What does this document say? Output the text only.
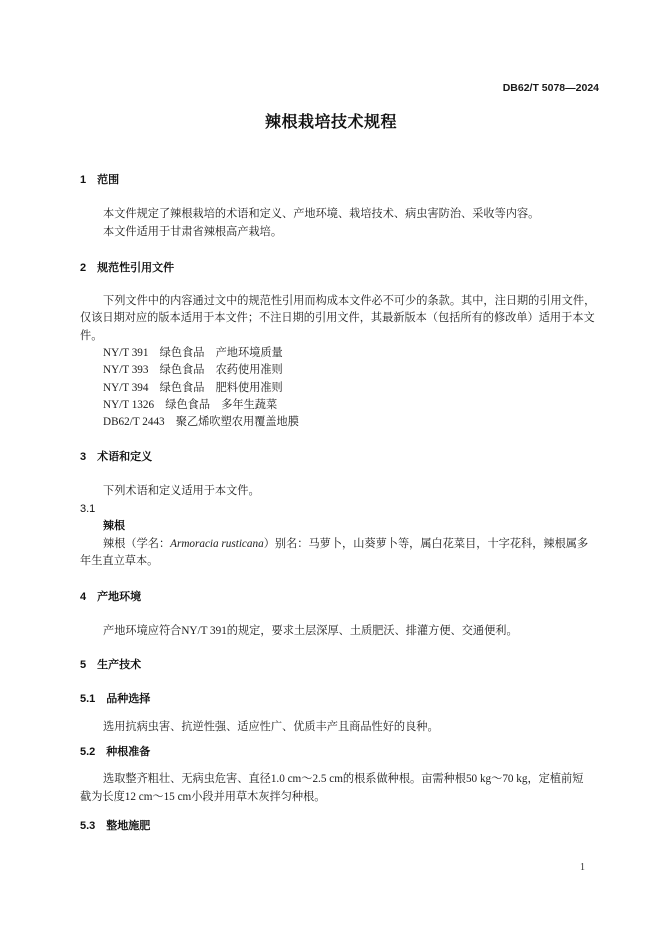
DB62/T 5078—2024
辣根栽培技术规程
1 范围
本文件规定了辣根栽培的术语和定义、产地环境、栽培技术、病虫害防治、采收等内容。
本文件适用于甘肃省辣根高产栽培。
2 规范性引用文件
下列文件中的内容通过文中的规范性引用而构成本文件必不可少的条款。其中，注日期的引用文件，
仅该日期对应的版本适用于本文件；不注日期的引用文件，其最新版本（包括所有的修改单）适用于本文
件。
NY/T 391 绿色食品　产地环境质量
NY/T 393 绿色食品　农药使用准则
NY/T 394 绿色食品　肥料使用准则
NY/T 1326 绿色食品　多年生蔬菜
DB62/T 2443 聚乙烯吹塑农用覆盖地膜
3 术语和定义
下列术语和定义适用于本文件。
3.1
辣根
辣根（学名：Armoracia rusticana）别名：马萝卜，山葵萝卜等，属白花菜目，十字花科，辣根属多
年生直立草本。
4 产地环境
产地环境应符合NY/T 391的规定，要求土层深厚、土质肥沃、排灌方便、交通便利。
5 生产技术
5.1 品种选择
选用抗病虫害、抗逆性强、适应性广、优质丰产且商品性好的良种。
5.2 种根准备
选取整齐粗壮、无病虫危害、直径1.0 cm～2.5 cm的根系做种根。亩需种根50 kg～70 kg，定植前短
截为长度12 cm～15 cm小段并用草木灰拌匀种根。
5.3 整地施肥
1
